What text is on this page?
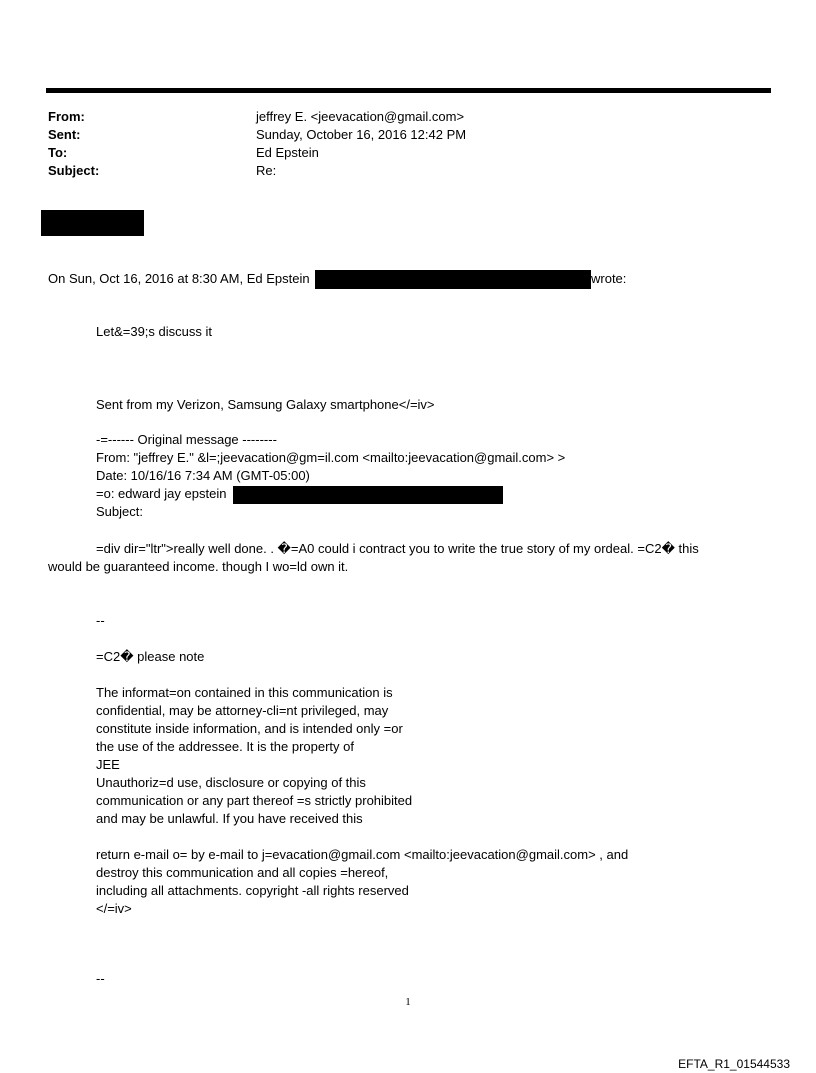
From:	jeffrey E. <jeevacation@gmail.com>
Sent:	Sunday, October 16, 2016 12:42 PM
To:	Ed Epstein
Subject:	Re:
On Sun, Oct 16, 2016 at 8:30 AM, Ed Epstein	wrote:
Let&=39;s discuss it
Sent from my Verizon, Samsung Galaxy smartphone</=iv>
-=------ Original message --------
From: "jeffrey E." &l=;jeevacation@gm=il.com <mailto:jeevacation@gmail.com> >
Date: 10/16/16 7:34 AM (GMT-05:00)
=o: edward jay epstein
Subject:
=div dir="ltr">really well done. . �=A0 could i contract you to write the true story of my ordeal. =C2� this
would be guaranteed income. though I wo=ld own it.
--
=C2� please note
The informat=on contained in this communication is
confidential, may be attorney-cli=nt privileged, may
constitute inside information, and is intended only =or
the use of the addressee. It is the property of
JEE
Unauthoriz=d use, disclosure or copying of this
communication or any part thereof =s strictly prohibited
and may be unlawful. If you have received this
return e-mail o= by e-mail to j=evacation@gmail.com <mailto:jeevacation@gmail.com> , and
destroy this communication and all copies =hereof,
including all attachments. copyright -all rights reserved
</=iv>
--
1
EFTA_R1_01544533
